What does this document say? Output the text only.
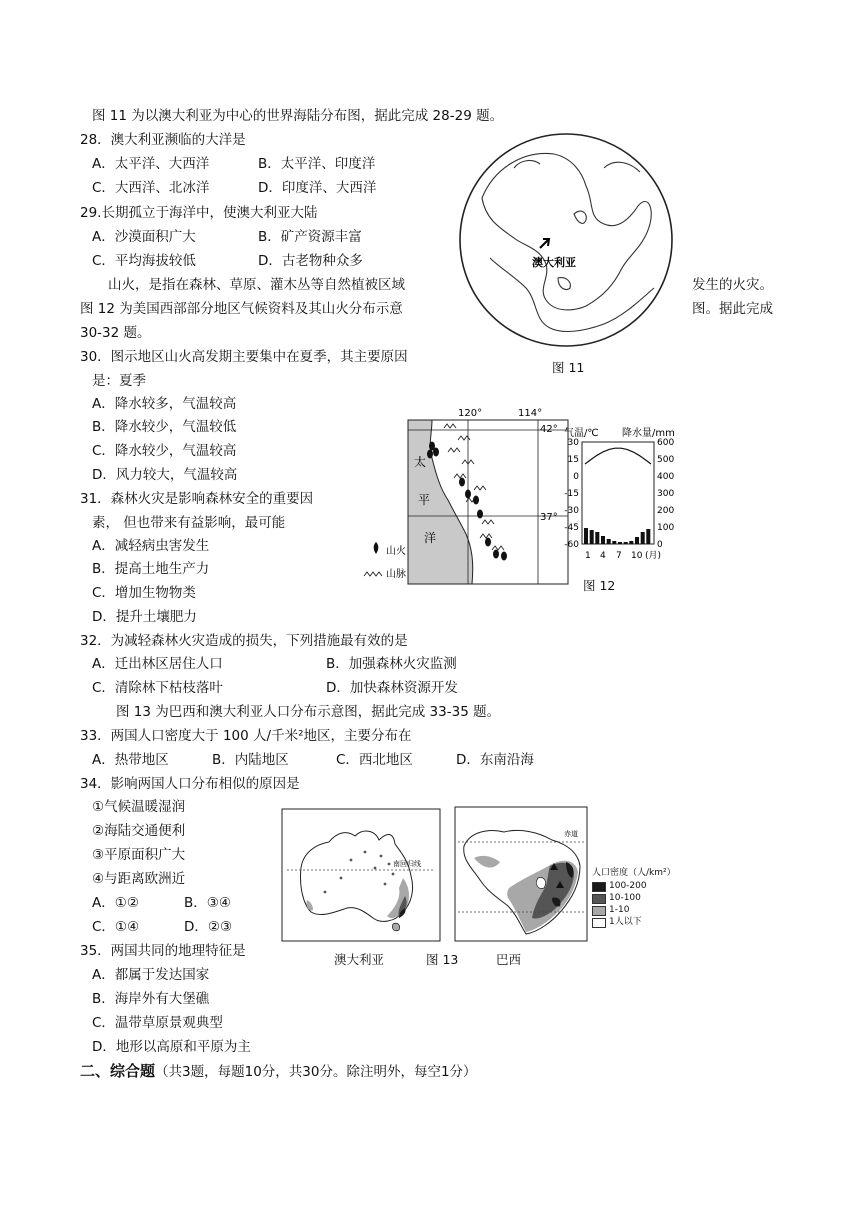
图 11 为以澳大利亚为中心的世界海陆分布图，据此完成 28-29 题。
28．澳大利亚濒临的大洋是
A．太平洋、大西洋	B．太平洋、印度洋
C．大西洋、北冰洋	D．印度洋、大西洋
29.长期孤立于海洋中，使澳大利亚大陆
A．沙漠面积广大	B．矿产资源丰富
C．平均海拔较低	D．古老物种众多
山火，是指在森林、草原、灌木丛等自然植被区域	发生的火灾。
图 12 为美国西部部分地区气候资料及其山火分布示意	图。据此完成
30-32 题。
30．图示地区山火高发期主要集中在夏季，其主要原因
是：夏季
A．降水较多，气温较高
B．降水较少，气温较低
C．降水较少，气温较高
D．风力较大，气温较高
31．森林火灾是影响森林安全的重要因
素， 但也带来有益影响，最可能
A．减轻病虫害发生
B．提高土地生产力
C．增加生物物类
D．提升土壤肥力
32．为减轻森林火灾造成的损失，下列措施最有效的是
A．迁出林区居住人口	B．加强森林火灾监测
C．清除林下枯枝落叶	D．加快森林资源开发
图 13 为巴西和澳大利亚人口分布示意图，据此完成 33-35 题。
33．两国人口密度大于 100 人/千米²地区，主要分布在
A．热带地区	B．内陆地区	C．西北地区	D．东南沿海
34．影响两国人口分布相似的原因是
①气候温暖湿润
②海陆交通便利
③平原面积广大
④与距离欧洲近
A．①②	B．③④
C．①④	D．②③
35．两国共同的地理特征是
A．都属于发达国家
B．海岸外有大堡礁
C．温带草原景观典型
D．地形以高原和平原为主
二、综合题（共3题，每题10分，共30分。除注明外，每空1分）
澳大利亚
图 11
120°	114°
42°
37°
太
平
洋
山火
山脉
气温/℃ 降水量/mm
30
15
0
-15
-30
-45
-60
600
500
400
300
200
100
0
1 4 7 10 (月)
图 12
南回归线
澳大利亚	图 13	巴西
赤道
人口密度（人/km²）
100-200
10-100
1-10
1人以下
